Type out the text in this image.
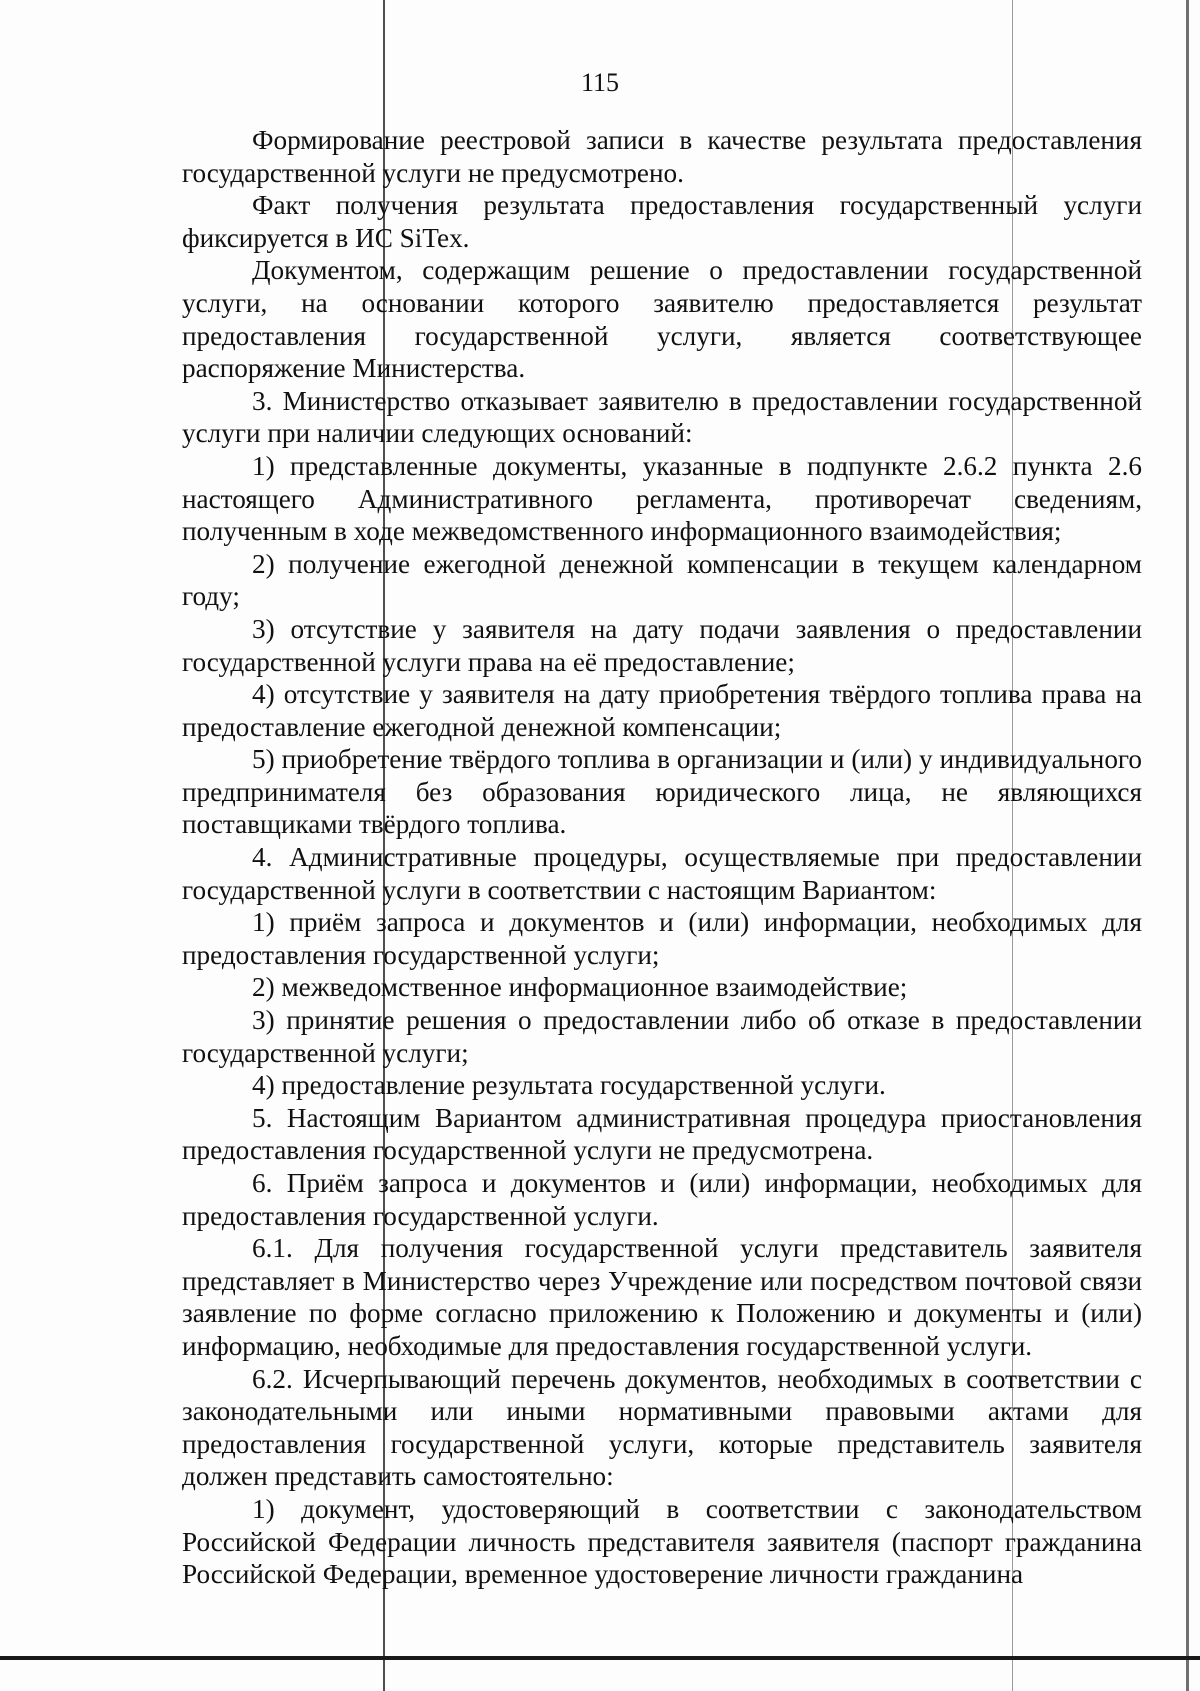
115

Формирование реестровой записи в качестве результата предоставления государственной услуги не предусмотрено.

Факт получения результата предоставления государственный услуги фиксируется в ИС SiTex.

Документом, содержащим решение о предоставлении государственной услуги, на основании которого заявителю предоставляется результат предоставления государственной услуги, является соответствующее распоряжение Министерства.

3. Министерство отказывает заявителю в предоставлении государственной услуги при наличии следующих оснований:

1) представленные документы, указанные в подпункте 2.6.2 пункта 2.6 настоящего Административного регламента, противоречат сведениям, полученным в ходе межведомственного информационного взаимодействия;

2) получение ежегодной денежной компенсации в текущем календарном году;

3) отсутствие у заявителя на дату подачи заявления о предоставлении государственной услуги права на её предоставление;

4) отсутствие у заявителя на дату приобретения твёрдого топлива права на предоставление ежегодной денежной компенсации;

5) приобретение твёрдого топлива в организации и (или) у индивидуального предпринимателя без образования юридического лица, не являющихся поставщиками твёрдого топлива.

4. Административные процедуры, осуществляемые при предоставлении государственной услуги в соответствии с настоящим Вариантом:

1) приём запроса и документов и (или) информации, необходимых для предоставления государственной услуги;

2) межведомственное информационное взаимодействие;

3) принятие решения о предоставлении либо об отказе в предоставлении государственной услуги;

4) предоставление результата государственной услуги.

5. Настоящим Вариантом административная процедура приостановления предоставления государственной услуги не предусмотрена.

6. Приём запроса и документов и (или) информации, необходимых для предоставления государственной услуги.

6.1. Для получения государственной услуги представитель заявителя представляет в Министерство через Учреждение или посредством почтовой связи заявление по форме согласно приложению к Положению и документы и (или) информацию, необходимые для предоставления государственной услуги.

6.2. Исчерпывающий перечень документов, необходимых в соответствии с законодательными или иными нормативными правовыми актами для предоставления государственной услуги, которые представитель заявителя должен представить самостоятельно:

1) документ, удостоверяющий в соответствии с законодательством Российской Федерации личность представителя заявителя (паспорт гражданина Российской Федерации, временное удостоверение личности гражданина
